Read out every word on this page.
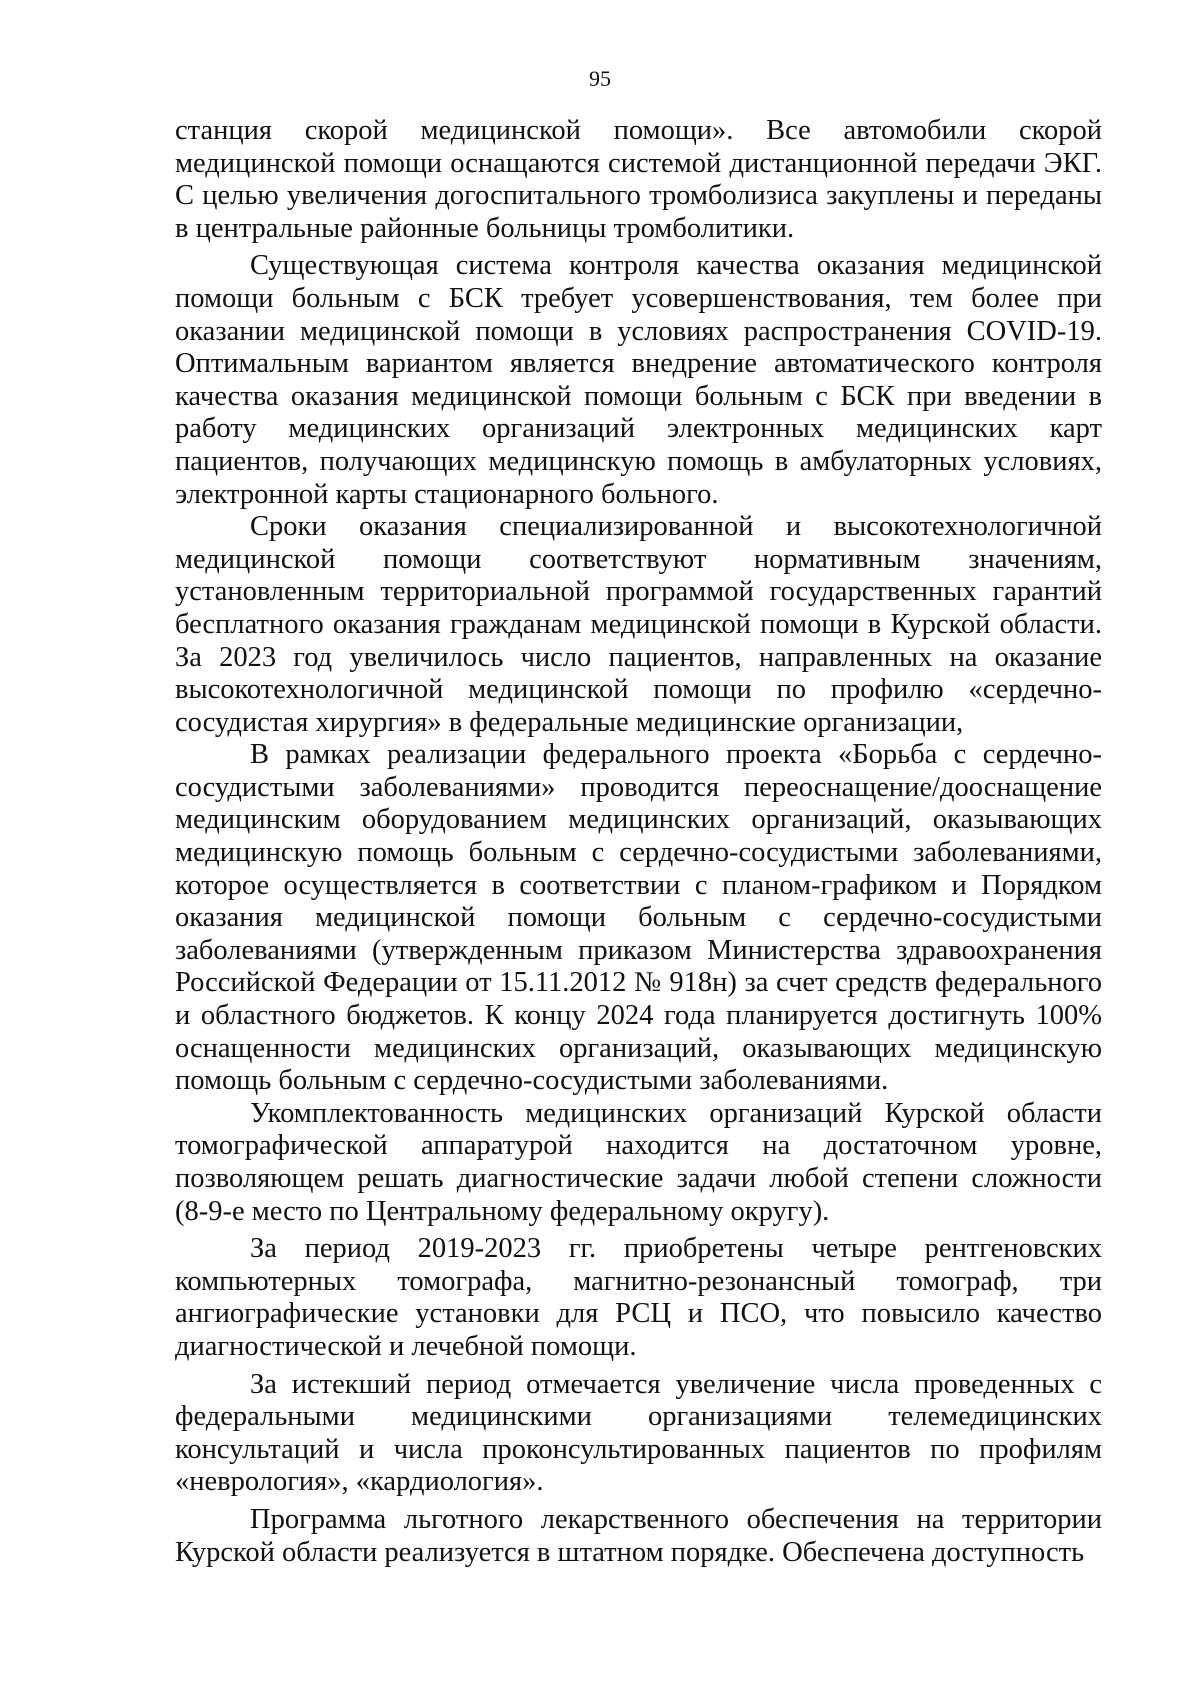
95

станция скорой медицинской помощи». Все автомобили скорой медицинской помощи оснащаются системой дистанционной передачи ЭКГ. С целью увеличения догоспитального тромболизиса закуплены и переданы в центральные районные больницы тромболитики.

Существующая система контроля качества оказания медицинской помощи больным с БСК требует усовершенствования, тем более при оказании медицинской помощи в условиях распространения COVID-19. Оптимальным вариантом является внедрение автоматического контроля качества оказания медицинской помощи больным с БСК при введении в работу медицинских организаций электронных медицинских карт пациентов, получающих медицинскую помощь в амбулаторных условиях, электронной карты стационарного больного.

Сроки оказания специализированной и высокотехнологичной медицинской помощи соответствуют нормативным значениям, установленным территориальной программой государственных гарантий бесплатного оказания гражданам медицинской помощи в Курской области. За 2023 год увеличилось число пациентов, направленных на оказание высокотехнологичной медицинской помощи по профилю «сердечно-сосудистая хирургия» в федеральные медицинские организации,

В рамках реализации федерального проекта «Борьба с сердечно-сосудистыми заболеваниями» проводится переоснащение/дооснащение медицинским оборудованием медицинских организаций, оказывающих медицинскую помощь больным с сердечно-сосудистыми заболеваниями, которое осуществляется в соответствии с планом-графиком и Порядком оказания медицинской помощи больным с сердечно-сосудистыми заболеваниями (утвержденным приказом Министерства здравоохранения Российской Федерации от 15.11.2012 № 918н) за счет средств федерального и областного бюджетов. К концу 2024 года планируется достигнуть 100% оснащенности медицинских организаций, оказывающих медицинскую помощь больным с сердечно-сосудистыми заболеваниями.

Укомплектованность медицинских организаций Курской области томографической аппаратурой находится на достаточном уровне, позволяющем решать диагностические задачи любой степени сложности (8-9-е место по Центральному федеральному округу).

За период 2019-2023 гг. приобретены четыре рентгеновских компьютерных томографа, магнитно-резонансный томограф, три ангиографические установки для РСЦ и ПСО, что повысило качество диагностической и лечебной помощи.

За истекший период отмечается увеличение числа проведенных с федеральными медицинскими организациями телемедицинских консультаций и числа проконсультированных пациентов по профилям «неврология», «кардиология».

Программа льготного лекарственного обеспечения на территории Курской области реализуется в штатном порядке. Обеспечена доступность
